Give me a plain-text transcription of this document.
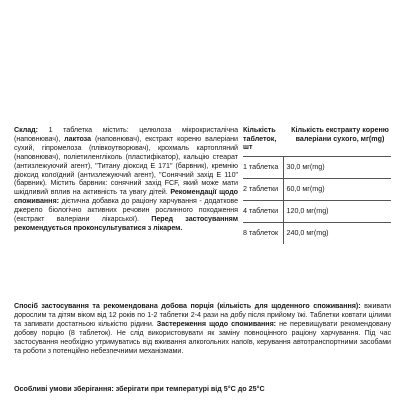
Склад: 1 таблетка містить: целюлоза мікрокристалічна (наповнювач), лактоза (наповнювач), екстракт кореню валеріани сухий, гіпромелоза (плівкоутворювач), крохмаль картопляний (наповнювач), поліетиленгліколь (пластифікатор), кальцію стеарат (антизлежуючий агент), "Титану діоксид Е 171" (барвник), кремнію діоксид колоїдний (антизлежуючий агент), "Сонячний захід Е 110" (барвник). Містить барвник: сонячний захід FCF, який може мати шкідливий вплив на активність та увагу дітей. Рекомендації щодо споживання: дієтична добавка до раціону харчування - додаткове джерело біологічно активних речовин рослинного походження (екстракт валеріани лікарської). Перед застосуванням рекомендується проконсультуватися з лікарем.
Кількість таблеток, шт	Кількість екстракту кореню валеріани сухого, мг(mg)
1 таблетка	30,0 мг(mg)
2 таблетки	60,0 мг(mg)
4 таблетки	120,0 мг(mg)
8 таблеток	240,0 мг(mg)

Спосіб застосування та рекомендована добова порція (кількість для щоденного споживання): вживати дорослим та дітям віком від 12 років по 1-2 таблетки 2-4 рази на добу після прийому їжі. Таблетки ковтати цілими та запивати достатньою кількістю рідини. Застереження щодо споживання: не перевищувати рекомендовану добову порцію (8 таблеток). Не слід використовувати як заміну повноцінного раціону харчування. Під час застосування необхідно утримуватись від вживання алкогольних напоїв, керування автотранспортними засобами та роботи з потенційно небезпечними механізмами.

Особливі умови зберігання: зберігати при температурі від 5°С до 25°С
